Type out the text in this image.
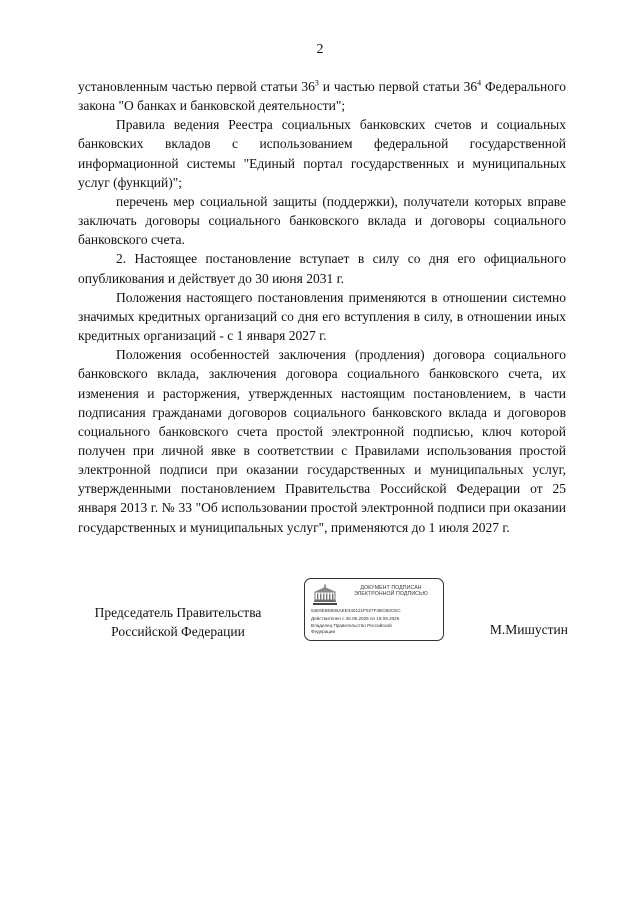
2

установленным частью первой статьи $36^3$ и частью первой статьи $36^4$ Федерального закона "О банках и банковской деятельности";

Правила ведения Реестра социальных банковских счетов и социальных банковских вкладов с использованием федеральной государственной информационной системы "Единый портал государственных и муниципальных услуг (функций)";

перечень мер социальной защиты (поддержки), получатели которых вправе заключать договоры социального банковского вклада и договоры социального банковского счета.

2. Настоящее постановление вступает в силу со дня его официального опубликования и действует до 30 июня 2031 г.

Положения настоящего постановления применяются в отношении системно значимых кредитных организаций со дня его вступления в силу, в отношении иных кредитных организаций - с 1 января 2027 г.

Положения особенностей заключения (продления) договора социального банковского вклада, заключения договора социального банковского счета, их изменения и расторжения, утвержденных настоящим постановлением, в части подписания гражданами договоров социального банковского вклада и договоров социального банковского счета простой электронной подписью, ключ которой получен при личной явке в соответствии с Правилами использования простой электронной подписи при оказании государственных и муниципальных услуг, утвержденными постановлением Правительства Российской Федерации от 25 января 2013 г. № 33 "Об использовании простой электронной подписи при оказании государственных и муниципальных услуг", применяются до 1 июля 2027 г.

Председатель Правительства
Российской Федерации
ДОКУМЕНТ ПОДПИСАН
ЭЛЕКТРОННОЙ ПОДПИСЬЮ
53E9E6EB06AEE340121F027F4BCB0CEC
Действителен с 26.06.2025 по 19.09.2026
Владелец Правительство Российской
Федерации	М.Мишустин
